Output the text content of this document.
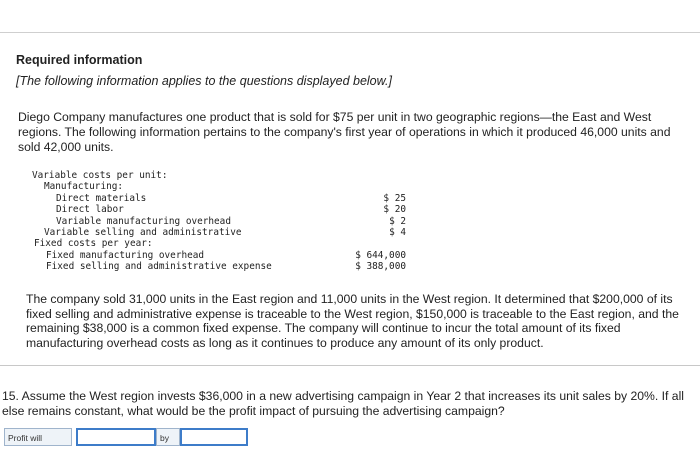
Required information
[The following information applies to the questions displayed below.]
Diego Company manufactures one product that is sold for $75 per unit in two geographic regions—the East and West regions. The following information pertains to the company's first year of operations in which it produced 46,000 units and sold 42,000 units.
Variable costs per unit:
Manufacturing:
Direct materials	$ 25
Direct labor	$ 20
Variable manufacturing overhead	$ 2
Variable selling and administrative	$ 4
Fixed costs per year:
Fixed manufacturing overhead	$ 644,000
Fixed selling and administrative expense	$ 388,000
The company sold 31,000 units in the East region and 11,000 units in the West region. It determined that $200,000 of its fixed selling and administrative expense is traceable to the West region, $150,000 is traceable to the East region, and the remaining $38,000 is a common fixed expense. The company will continue to incur the total amount of its fixed manufacturing overhead costs as long as it continues to produce any amount of its only product.
15. Assume the West region invests $36,000 in a new advertising campaign in Year 2 that increases its unit sales by 20%. If all else remains constant, what would be the profit impact of pursuing the advertising campaign?
Profit will	by
